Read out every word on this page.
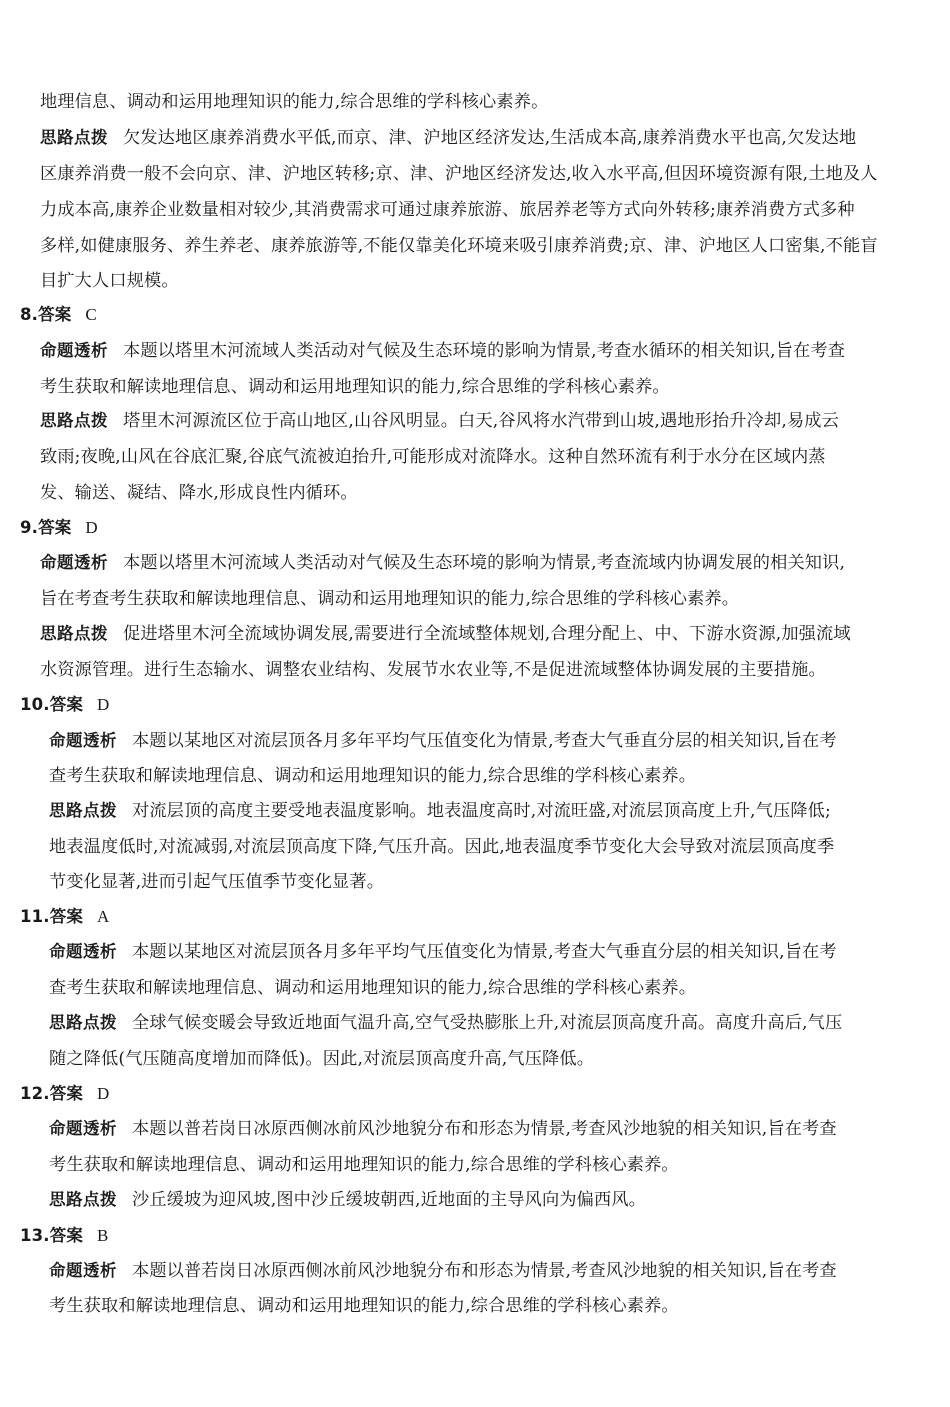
地理信息、调动和运用地理知识的能力,综合思维的学科核心素养。
思路点拨 欠发达地区康养消费水平低,而京、津、沪地区经济发达,生活成本高,康养消费水平也高,欠发达地
区康养消费一般不会向京、津、沪地区转移;京、津、沪地区经济发达,收入水平高,但因环境资源有限,土地及人
力成本高,康养企业数量相对较少,其消费需求可通过康养旅游、旅居养老等方式向外转移;康养消费方式多种
多样,如健康服务、养生养老、康养旅游等,不能仅靠美化环境来吸引康养消费;京、津、沪地区人口密集,不能盲
目扩大人口规模。
8.答案 C
命题透析 本题以塔里木河流域人类活动对气候及生态环境的影响为情景,考查水循环的相关知识,旨在考查
考生获取和解读地理信息、调动和运用地理知识的能力,综合思维的学科核心素养。
思路点拨 塔里木河源流区位于高山地区,山谷风明显。白天,谷风将水汽带到山坡,遇地形抬升冷却,易成云
致雨;夜晚,山风在谷底汇聚,谷底气流被迫抬升,可能形成对流降水。这种自然环流有利于水分在区域内蒸
发、输送、凝结、降水,形成良性内循环。
9.答案 D
命题透析 本题以塔里木河流域人类活动对气候及生态环境的影响为情景,考查流域内协调发展的相关知识,
旨在考查考生获取和解读地理信息、调动和运用地理知识的能力,综合思维的学科核心素养。
思路点拨 促进塔里木河全流域协调发展,需要进行全流域整体规划,合理分配上、中、下游水资源,加强流域
水资源管理。进行生态输水、调整农业结构、发展节水农业等,不是促进流域整体协调发展的主要措施。
10.答案 D
命题透析 本题以某地区对流层顶各月多年平均气压值变化为情景,考查大气垂直分层的相关知识,旨在考
查考生获取和解读地理信息、调动和运用地理知识的能力,综合思维的学科核心素养。
思路点拨 对流层顶的高度主要受地表温度影响。地表温度高时,对流旺盛,对流层顶高度上升,气压降低;
地表温度低时,对流减弱,对流层顶高度下降,气压升高。因此,地表温度季节变化大会导致对流层顶高度季
节变化显著,进而引起气压值季节变化显著。
11.答案 A
命题透析 本题以某地区对流层顶各月多年平均气压值变化为情景,考查大气垂直分层的相关知识,旨在考
查考生获取和解读地理信息、调动和运用地理知识的能力,综合思维的学科核心素养。
思路点拨 全球气候变暖会导致近地面气温升高,空气受热膨胀上升,对流层顶高度升高。高度升高后,气压
随之降低(气压随高度增加而降低)。因此,对流层顶高度升高,气压降低。
12.答案 D
命题透析 本题以普若岗日冰原西侧冰前风沙地貌分布和形态为情景,考查风沙地貌的相关知识,旨在考查
考生获取和解读地理信息、调动和运用地理知识的能力,综合思维的学科核心素养。
思路点拨 沙丘缓坡为迎风坡,图中沙丘缓坡朝西,近地面的主导风向为偏西风。
13.答案 B
命题透析 本题以普若岗日冰原西侧冰前风沙地貌分布和形态为情景,考查风沙地貌的相关知识,旨在考查
考生获取和解读地理信息、调动和运用地理知识的能力,综合思维的学科核心素养。
